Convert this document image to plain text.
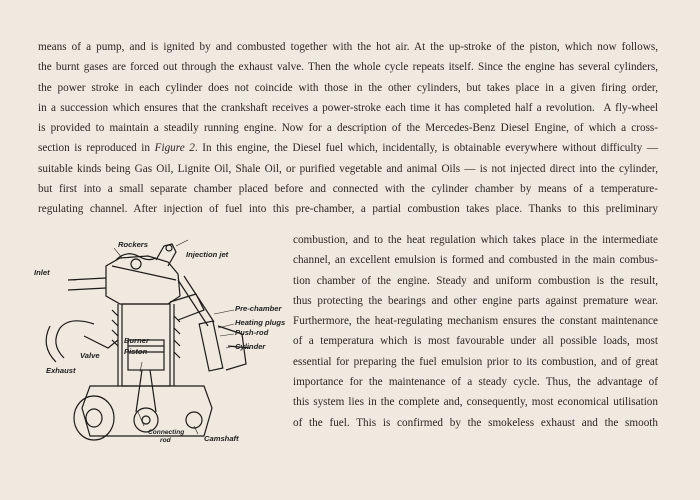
means of a pump, and is ignited by and combusted together with the hot air. At the up-stroke of the piston, which now follows,
the burnt gases are forced out through the exhaust valve. Then the whole cycle repeats itself. Since the engine has several cylinders,
the power stroke in each cylinder does not coincide with those in the other cylinders, but takes place in a given firing order,
in a succession which ensures that the crankshaft receives a power-stroke each time it has completed half a revolution. A fly-wheel
is provided to maintain a steadily running engine. Now for a description of the Mercedes-Benz Diesel Engine, of which a cross-
section is reproduced in Figure 2. In this engine, the Diesel fuel which, incidentally, is obtainable everywhere without difficulty —
suitable kinds being Gas Oil, Lignite Oil, Shale Oil, or purified vegetable and animal Oils — is not injected direct into the cylinder,
but first into a small separate chamber placed before and connected with the cylinder chamber by means of a temperature-
regulating channel. After injection of fuel into this pre-chamber, a partial combustion takes place. Thanks to this preliminary
combustion, and to the heat regulation which takes place in the intermediate
channel, an excellent emulsion is formed and combusted in the main combus-
tion chamber of the engine. Steady and uniform combustion is the result,
thus protecting the bearings and other engine parts against premature wear.
Furthermore, the heat-regulating mechanism ensures the constant maintenance
of a temperatura which is most favourable under all possible loads, most
essential for preparing the fuel emulsion prior to its combustion, and of great
importance for the maintenance of a steady cycle. Thus, the advantage of
this system lies in the complete and, consequently, most economical utilisation
of the fuel. This is confirmed by the smokeless exhaust and the smooth
Rockers
Injection jet
Inlet
Pre-chamber
Heating plugs
Push-rod
Cylinder
Burner
Piston
Valve
Exhaust
Connecting
rod	Camshaft
